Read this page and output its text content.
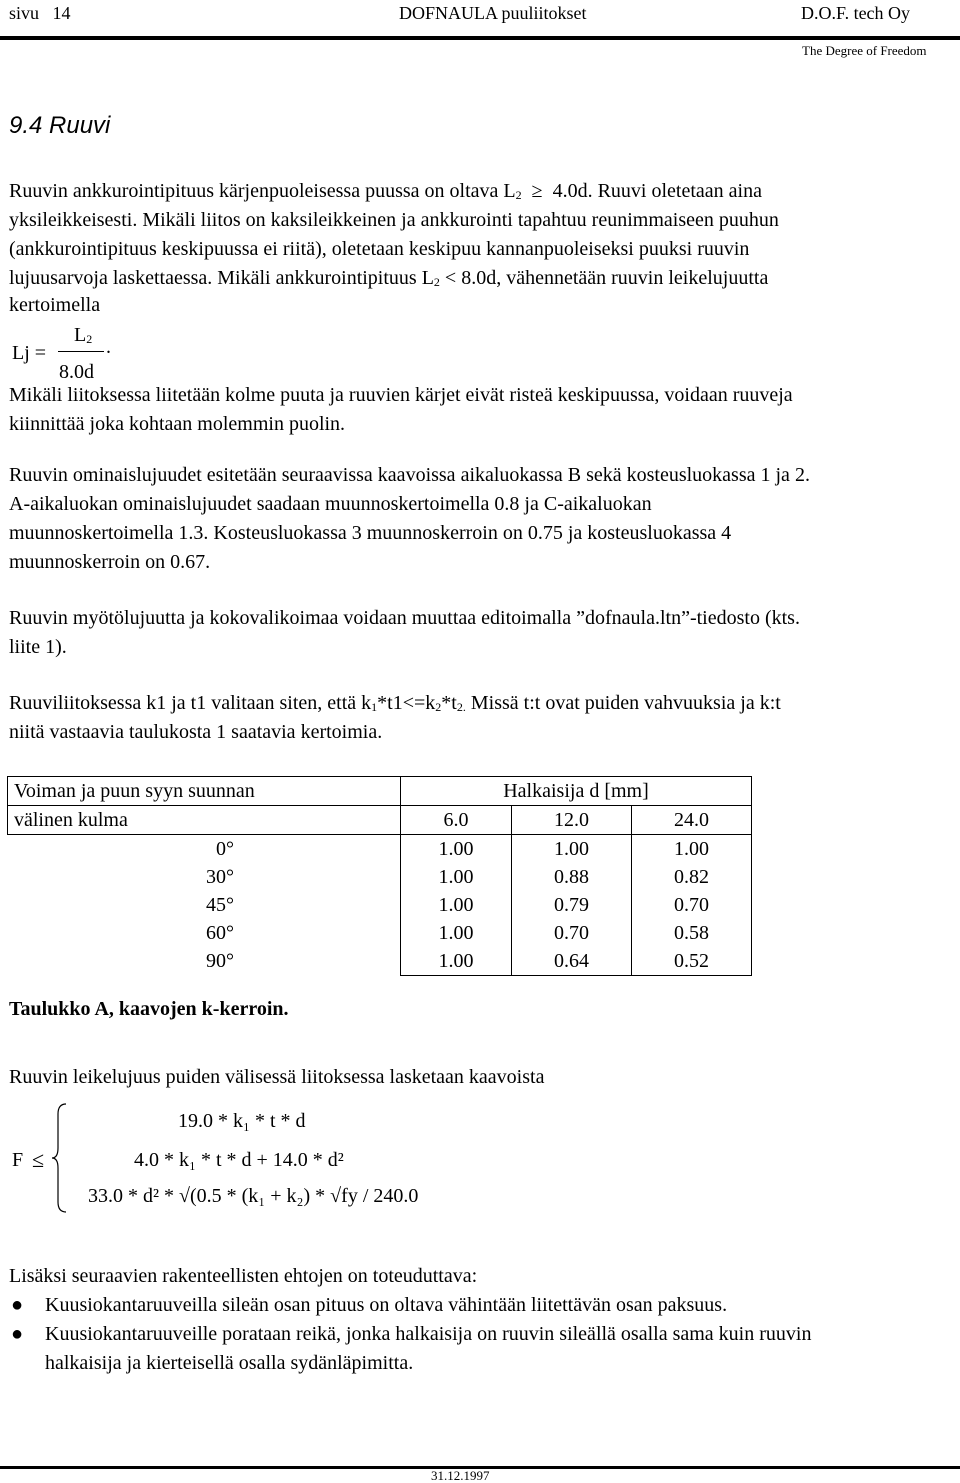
sivu 14	DOFNAULA puuliitokset	D.O.F. tech Oy
The Degree of Freedom
9.4 Ruuvi
Ruuvin ankkurointipituus kärjenpuoleisessa puussa on oltava $L_2 \ge 4.0d$. Ruuvi oletetaan aina
yksileikkeisesti. Mikäli liitos on kaksileikkeinen ja ankkurointi tapahtuu reunimmaiseen puuhun
(ankkurointipituus keskipuussa ei riitä), oletetaan keskipuu kannanpuoleiseksi puuksi ruuvin
lujuusarvoja laskettaessa. Mikäli ankkurointipituus $L_2 < 8.0d$, vähennetään ruuvin leikelujuutta
kertoimella
Lj =
$L_2$ .
8.0d
Mikäli liitoksessa liitetään kolme puuta ja ruuvien kärjet eivät risteä keskipuussa, voidaan ruuveja
kiinnittää joka kohtaan molemmin puolin.
Ruuvin ominaislujuudet esitetään seuraavissa kaavoissa aikaluokassa B sekä kosteusluokassa 1 ja 2.
A-aikaluokan ominaislujuudet saadaan muunnoskertoimella 0.8 ja C-aikaluokan
muunnoskertoimella 1.3. Kosteusluokassa 3 muunnoskerroin on 0.75 ja kosteusluokassa 4
muunnoskerroin on 0.67.
Ruuvin myötölujuutta ja kokovalikoimaa voidaan muuttaa editoimalla ”dofnaula.ltn”-tiedosto (kts.
liite 1).
Ruuviliitoksessa k1 ja t1 valitaan siten, että $k_1*t1<=k_2*t_{2.}$ Missä t:t ovat puiden vahvuuksia ja k:t
niitä vastaavia taulukosta 1 saatavia kertoimia.
Voiman ja puun syyn suunnan	Halkaisija d [mm]		
välinen kulma	6.0	12.0	24.0
0°	1.00	1.00	1.00
30°	1.00	0.88	0.82
45°	1.00	0.79	0.70
60°	1.00	0.70	0.58
90°	1.00	0.64	0.52
Taulukko A, kaavojen k-kerroin.
Ruuvin leikelujuus puiden välisessä liitoksessa lasketaan kaavoista
F ≤
19.0 * k₁ * t * d
4.0 * k₁ * t * d + 14.0 * d²
33.0 * d² * √(0.5 * (k₁ + k₂) * √fy / 240.0
Lisäksi seuraavien rakenteellisten ehtojen on toteuduttava:
● Kuusiokantaruuveilla sileän osan pituus on oltava vähintään liitettävän osan paksuus.
● Kuusiokantaruuveille porataan reikä, jonka halkaisija on ruuvin sileällä osalla sama kuin ruuvin
halkaisija ja kierteisellä osalla sydänläpimitta.
31.12.1997
